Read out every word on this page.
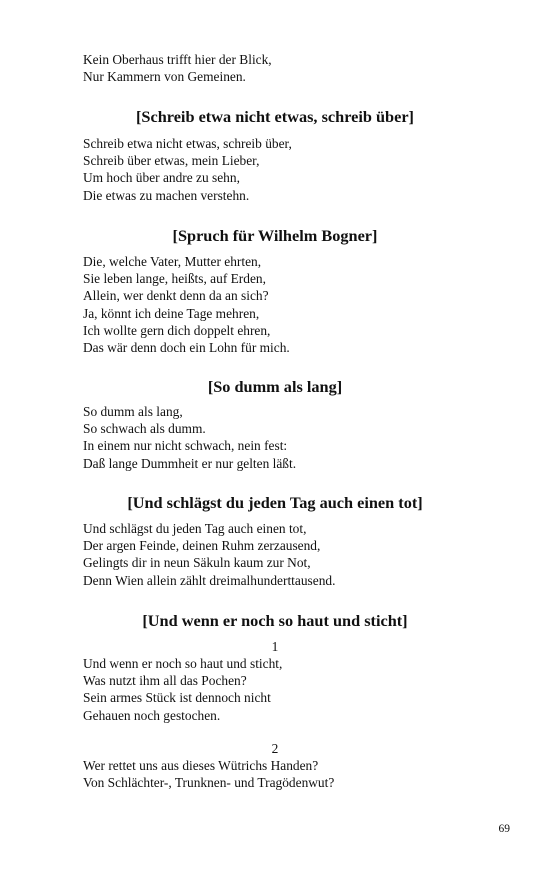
Kein Oberhaus trifft hier der Blick,
Nur Kammern von Gemeinen.
[Schreib etwa nicht etwas, schreib über]
Schreib etwa nicht etwas, schreib über,
Schreib über etwas, mein Lieber,
Um hoch über andre zu sehn,
Die etwas zu machen verstehn.
[Spruch für Wilhelm Bogner]
Die, welche Vater, Mutter ehrten,
Sie leben lange, heißts, auf Erden,
Allein, wer denkt denn da an sich?
Ja, könnt ich deine Tage mehren,
Ich wollte gern dich doppelt ehren,
Das wär denn doch ein Lohn für mich.
[So dumm als lang]
So dumm als lang,
So schwach als dumm.
In einem nur nicht schwach, nein fest:
Daß lange Dummheit er nur gelten läßt.
[Und schlägst du jeden Tag auch einen tot]
Und schlägst du jeden Tag auch einen tot,
Der argen Feinde, deinen Ruhm zerzausend,
Gelingts dir in neun Säkuln kaum zur Not,
Denn Wien allein zählt dreimalhunderttausend.
[Und wenn er noch so haut und sticht]
1
Und wenn er noch so haut und sticht,
Was nutzt ihm all das Pochen?
Sein armes Stück ist dennoch nicht
Gehauen noch gestochen.
2
Wer rettet uns aus dieses Wütrichs Handen?
Von Schlächter-, Trunknen- und Tragödenwut?
69
